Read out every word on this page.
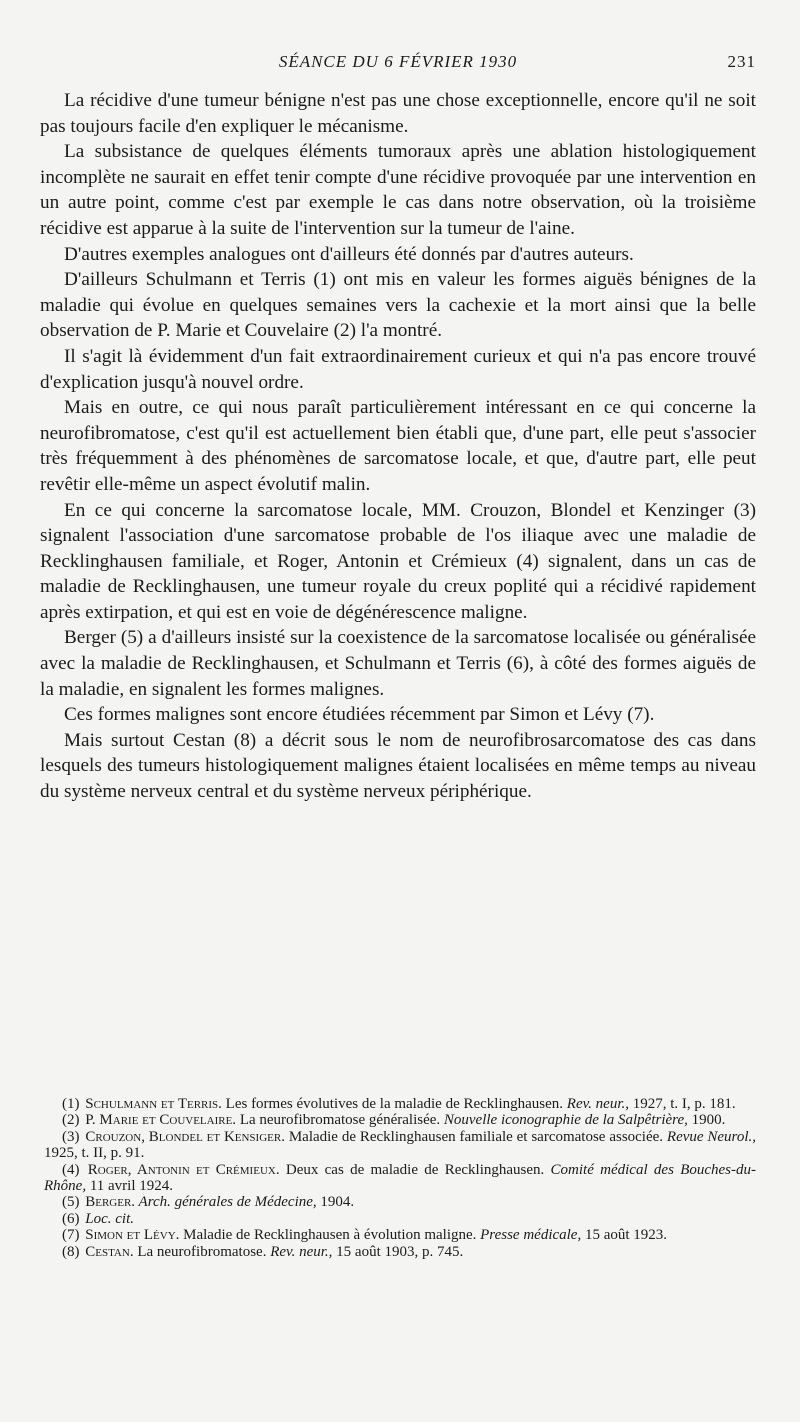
SÉANCE DU 6 FÉVRIER 1930	231

La récidive d'une tumeur bénigne n'est pas une chose exceptionnelle, encore qu'il ne soit pas toujours facile d'en expliquer le mécanisme.

La subsistance de quelques éléments tumoraux après une ablation histologiquement incomplète ne saurait en effet tenir compte d'une récidive provoquée par une intervention en un autre point, comme c'est par exemple le cas dans notre observation, où la troisième récidive est apparue à la suite de l'intervention sur la tumeur de l'aine.

D'autres exemples analogues ont d'ailleurs été donnés par d'autres auteurs.

D'ailleurs Schulmann et Terris (1) ont mis en valeur les formes aiguës bénignes de la maladie qui évolue en quelques semaines vers la cachexie et la mort ainsi que la belle observation de P. Marie et Couvelaire (2) l'a montré.

Il s'agit là évidemment d'un fait extraordinairement curieux et qui n'a pas encore trouvé d'explication jusqu'à nouvel ordre.

Mais en outre, ce qui nous paraît particulièrement intéressant en ce qui concerne la neurofibromatose, c'est qu'il est actuellement bien établi que, d'une part, elle peut s'associer très fréquemment à des phénomènes de sarcomatose locale, et que, d'autre part, elle peut revêtir elle-même un aspect évolutif malin.

En ce qui concerne la sarcomatose locale, MM. Crouzon, Blondel et Kenzinger (3) signalent l'association d'une sarcomatose probable de l'os iliaque avec une maladie de Recklinghausen familiale, et Roger, Antonin et Crémieux (4) signalent, dans un cas de maladie de Recklinghausen, une tumeur royale du creux poplité qui a récidivé rapidement après extirpation, et qui est en voie de dégénérescence maligne.

Berger (5) a d'ailleurs insisté sur la coexistence de la sarcomatose localisée ou généralisée avec la maladie de Recklinghausen, et Schulmann et Terris (6), à côté des formes aiguës de la maladie, en signalent les formes malignes.

Ces formes malignes sont encore étudiées récemment par Simon et Lévy (7).

Mais surtout Cestan (8) a décrit sous le nom de neurofibrosarcomatose des cas dans lesquels des tumeurs histologiquement malignes étaient localisées en même temps au niveau du système nerveux central et du système nerveux périphérique.

(1) Schulmann et Terris. Les formes évolutives de la maladie de Recklinghausen. Rev. neur., 1927, t. I, p. 181.

(2) P. Marie et Couvelaire. La neurofibromatose généralisée. Nouvelle iconographie de la Salpêtrière, 1900.

(3) Crouzon, Blondel et Kensiger. Maladie de Recklinghausen familiale et sarcomatose associée. Revue Neurol., 1925, t. II, p. 91.

(4) Roger, Antonin et Crémieux. Deux cas de maladie de Recklinghausen. Comité médical des Bouches-du-Rhône, 11 avril 1924.

(5) Berger. Arch. générales de Médecine, 1904.

(6) Loc. cit.

(7) Simon et Lévy. Maladie de Recklinghausen à évolution maligne. Presse médicale, 15 août 1923.

(8) Cestan. La neurofibromatose. Rev. neur., 15 août 1903, p. 745.
